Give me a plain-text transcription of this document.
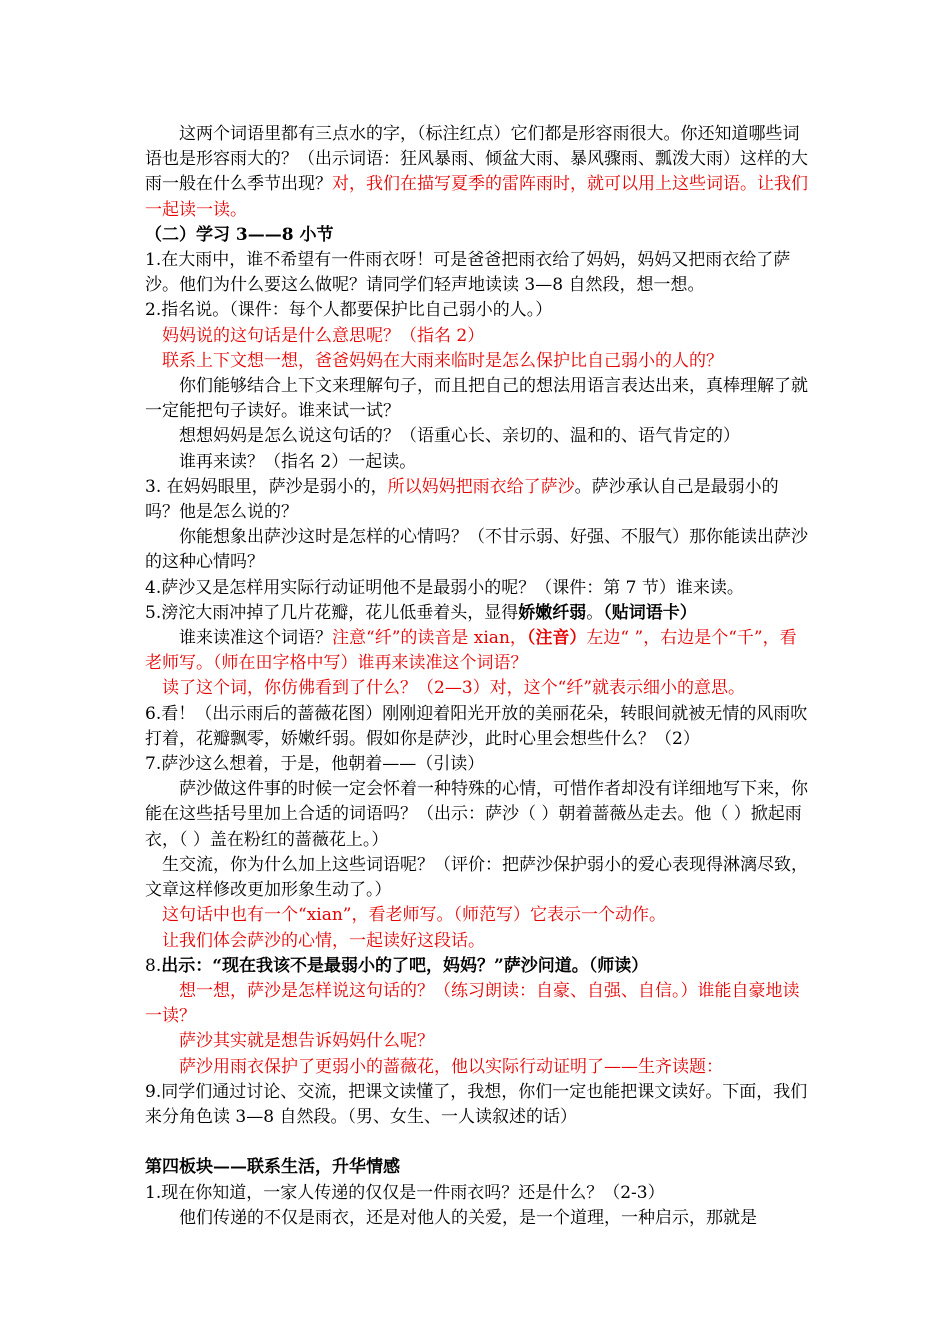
这两个词语里都有三点水的字，（标注红点）它们都是形容雨很大。你还知道哪些词语也是形容雨大的？（出示词语：狂风暴雨、倾盆大雨、暴风骤雨、瓢泼大雨）这样的大雨一般在什么季节出现？对，我们在描写夏季的雷阵雨时，就可以用上这些词语。让我们一起读一读。

（二）学习 3——8 小节

1.在大雨中，谁不希望有一件雨衣呀！可是爸爸把雨衣给了妈妈，妈妈又把雨衣给了萨沙。他们为什么要这么做呢？请同学们轻声地读读 3—8 自然段，想一想。

2.指名说。（课件：每个人都要保护比自己弱小的人。）

妈妈说的这句话是什么意思呢？（指名 2）

联系上下文想一想，爸爸妈妈在大雨来临时是怎么保护比自己弱小的人的？

你们能够结合上下文来理解句子，而且把自己的想法用语言表达出来，真棒理解了就一定能把句子读好。谁来试一试？

想想妈妈是怎么说这句话的？（语重心长、亲切的、温和的、语气肯定的）

谁再来读？（指名 2）一起读。

3. 在妈妈眼里，萨沙是弱小的，所以妈妈把雨衣给了萨沙。萨沙承认自己是最弱小的吗？他是怎么说的？

你能想象出萨沙这时是怎样的心情吗？（不甘示弱、好强、不服气）那你能读出萨沙的这种心情吗？

4.萨沙又是怎样用实际行动证明他不是最弱小的呢？（课件：第 7 节）谁来读。

5.滂沱大雨冲掉了几片花瓣，花儿低垂着头，显得娇嫩纤弱。（贴词语卡）

谁来读准这个词语？注意“纤”的读音是 xian，（注音）左边“ ”，右边是个“千”，看老师写。（师在田字格中写）谁再来读准这个词语？

读了这个词，你仿佛看到了什么？（2—3）对，这个“纤”就表示细小的意思。

6.看！（出示雨后的蔷薇花图）刚刚迎着阳光开放的美丽花朵，转眼间就被无情的风雨吹打着，花瓣飘零，娇嫩纤弱。假如你是萨沙，此时心里会想些什么？（2）

7.萨沙这么想着，于是，他朝着——（引读）

萨沙做这件事的时候一定会怀着一种特殊的心情，可惜作者却没有详细地写下来，你能在这些括号里加上合适的词语吗？（出示：萨沙（ ）朝着蔷薇丛走去。他（ ）掀起雨衣，（ ）盖在粉红的蔷薇花上。）

生交流，你为什么加上这些词语呢？（评价：把萨沙保护弱小的爱心表现得淋漓尽致，文章这样修改更加形象生动了。）

这句话中也有一个“xian”，看老师写。（师范写）它表示一个动作。

让我们体会萨沙的心情，一起读好这段话。

8.出示：“现在我该不是最弱小的了吧，妈妈？”萨沙问道。（师读）

想一想，萨沙是怎样说这句话的？（练习朗读：自豪、自强、自信。）谁能自豪地读一读？

萨沙其实就是想告诉妈妈什么呢？

萨沙用雨衣保护了更弱小的蔷薇花，他以实际行动证明了——生齐读题：

9.同学们通过讨论、交流，把课文读懂了，我想，你们一定也能把课文读好。下面，我们来分角色读 3—8 自然段。（男、女生、一人读叙述的话）

第四板块——联系生活，升华情感

1.现在你知道，一家人传递的仅仅是一件雨衣吗？还是什么？（2-3）

他们传递的不仅是雨衣，还是对他人的关爱，是一个道理，一种启示，那就是
